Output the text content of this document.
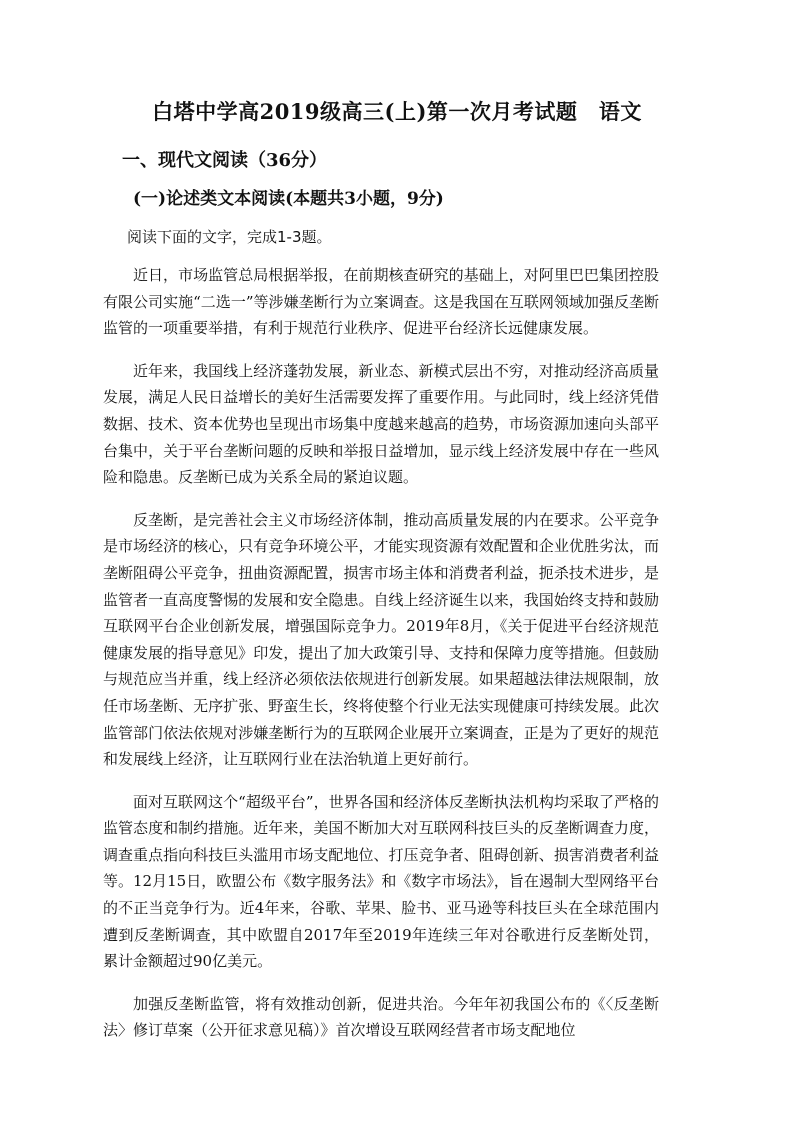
白塔中学高2019级高三(上)第一次月考试题　语文
一、现代文阅读（36分）
(一)论述类文本阅读(本题共3小题，9分)
阅读下面的文字，完成1-3题。

近日，市场监管总局根据举报，在前期核查研究的基础上，对阿里巴巴集团控股有限公司实施“二选一”等涉嫌垄断行为立案调查。这是我国在互联网领域加强反垄断监管的一项重要举措，有利于规范行业秩序、促进平台经济长远健康发展。

近年来，我国线上经济蓬勃发展，新业态、新模式层出不穷，对推动经济高质量发展，满足人民日益增长的美好生活需要发挥了重要作用。与此同时，线上经济凭借数据、技术、资本优势也呈现出市场集中度越来越高的趋势，市场资源加速向头部平台集中，关于平台垄断问题的反映和举报日益增加，显示线上经济发展中存在一些风险和隐患。反垄断已成为关系全局的紧迫议题。

反垄断，是完善社会主义市场经济体制，推动高质量发展的内在要求。公平竞争是市场经济的核心，只有竞争环境公平，才能实现资源有效配置和企业优胜劣汰，而垄断阻碍公平竞争，扭曲资源配置，损害市场主体和消费者利益，扼杀技术进步，是监管者一直高度警惕的发展和安全隐患。自线上经济诞生以来，我国始终支持和鼓励互联网平台企业创新发展，增强国际竞争力。2019年8月，《关于促进平台经济规范健康发展的指导意见》印发，提出了加大政策引导、支持和保障力度等措施。但鼓励与规范应当并重，线上经济必须依法依规进行创新发展。如果超越法律法规限制，放任市场垄断、无序扩张、野蛮生长，终将使整个行业无法实现健康可持续发展。此次监管部门依法依规对涉嫌垄断行为的互联网企业展开立案调查，正是为了更好的规范和发展线上经济，让互联网行业在法治轨道上更好前行。

面对互联网这个“超级平台”，世界各国和经济体反垄断执法机构均采取了严格的监管态度和制约措施。近年来，美国不断加大对互联网科技巨头的反垄断调查力度，调查重点指向科技巨头滥用市场支配地位、打压竞争者、阻碍创新、损害消费者利益等。12月15日，欧盟公布《数字服务法》和《数字市场法》，旨在遏制大型网络平台的不正当竞争行为。近4年来，谷歌、苹果、脸书、亚马逊等科技巨头在全球范围内遭到反垄断调查，其中欧盟自2017年至2019年连续三年对谷歌进行反垄断处罚，累计金额超过90亿美元。

加强反垄断监管，将有效推动创新，促进共治。今年年初我国公布的《〈反垄断法〉修订草案（公开征求意见稿）》首次增设互联网经营者市场支配地位
